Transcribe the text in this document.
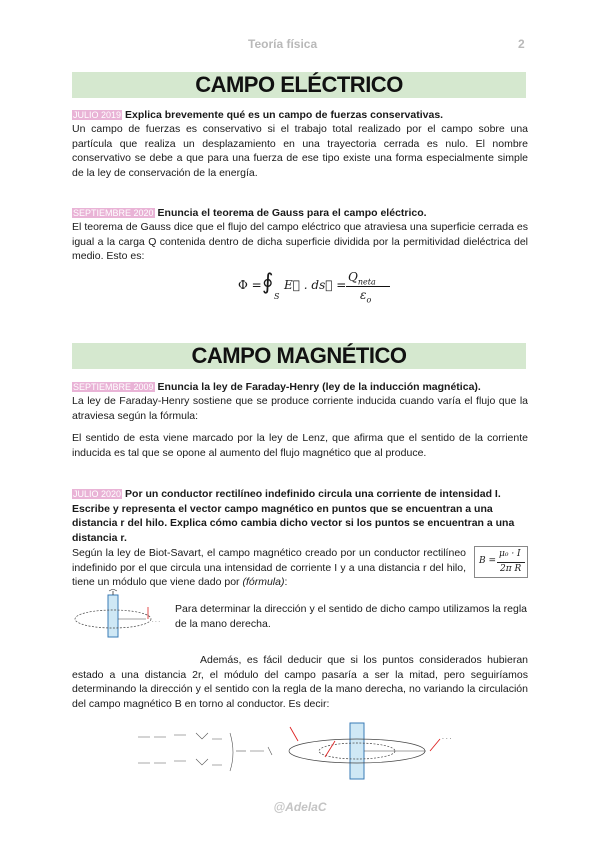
Teoría física	2
CAMPO ELÉCTRICO
JULIO 2019 Explica brevemente qué es un campo de fuerzas conservativas.
Un campo de fuerzas es conservativo si el trabajo total realizado por el campo sobre una partícula que realiza un desplazamiento en una trayectoria cerrada es nulo. El nombre conservativo se debe a que para una fuerza de ese tipo existe una forma especialmente simple de la ley de conservación de la energía.
SEPTIEMBRE 2020 Enuncia el teorema de Gauss para el campo eléctrico.
El teorema de Gauss dice que el flujo del campo eléctrico que atraviesa una superficie cerrada es igual a la carga Q contenida dentro de dicha superficie dividida por la permitividad dieléctrica del medio. Esto es:
Φ = ∮
S
E⃗ . ds⃗ =
$Q_{neta}$
$\varepsilon_o$
CAMPO MAGNÉTICO
SEPTIEMBRE 2009 Enuncia la ley de Faraday-Henry (ley de la inducción magnética).
La ley de Faraday-Henry sostiene que se produce corriente inducida cuando varía el flujo que la atraviesa según la fórmula:
El sentido de esta viene marcado por la ley de Lenz, que afirma que el sentido de la corriente inducida es tal que se opone al aumento del flujo magnético que al produce.
JULIO 2020 Por un conductor rectilíneo indefinido circula una corriente de intensidad I. Escribe y representa el vector campo magnético en puntos que se encuentran a una distancia r del hilo. Explica cómo cambia dicho vector si los puntos se encuentran a una distancia r.
Según la ley de Biot-Savart, el campo magnético creado por un conductor rectilíneo indefinido por el que circula una intensidad de corriente I y a una distancia r del hilo, tiene un módulo que viene dado por (fórmula):
B =
μ₀ · I
2π R
· · ·
Para determinar la dirección y el sentido de dicho campo utilizamos la regla de la mano derecha.
Además, es fácil deducir que si los puntos considerados hubieran estado a una distancia 2r, el módulo del campo pasaría a ser la mitad, pero seguiríamos determinando la dirección y el sentido con la regla de la mano derecha, no variando la circulación del campo magnético B en torno al conductor. Es decir:
· · ·
@AdelaC
